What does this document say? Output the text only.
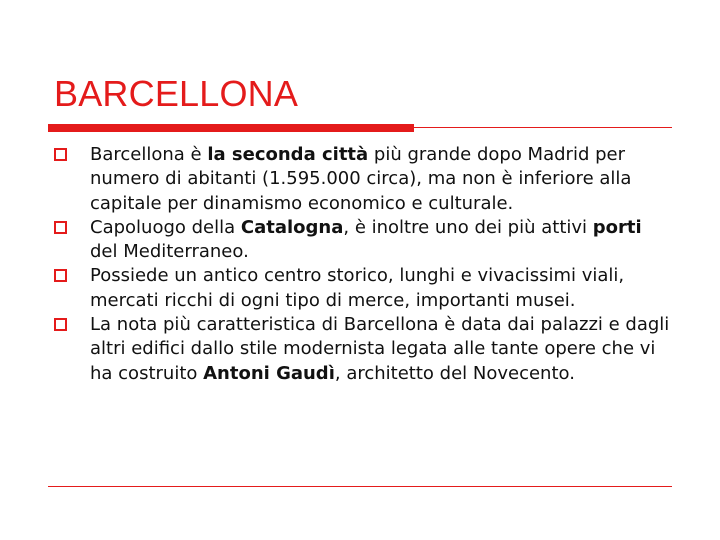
BARCELLONA
Barcellona è la seconda città più grande dopo Madrid per numero di abitanti (1.595.000 circa), ma non è inferiore alla capitale per dinamismo economico e culturale.
Capoluogo della Catalogna, è inoltre uno dei più attivi porti del Mediterraneo.
Possiede un antico centro storico, lunghi e vivacissimi viali, mercati ricchi di ogni tipo di merce, importanti musei.
La nota più caratteristica di Barcellona è data dai palazzi e dagli altri edifici dallo stile modernista legata alle tante opere che vi ha costruito Antoni Gaudì, architetto del Novecento.
